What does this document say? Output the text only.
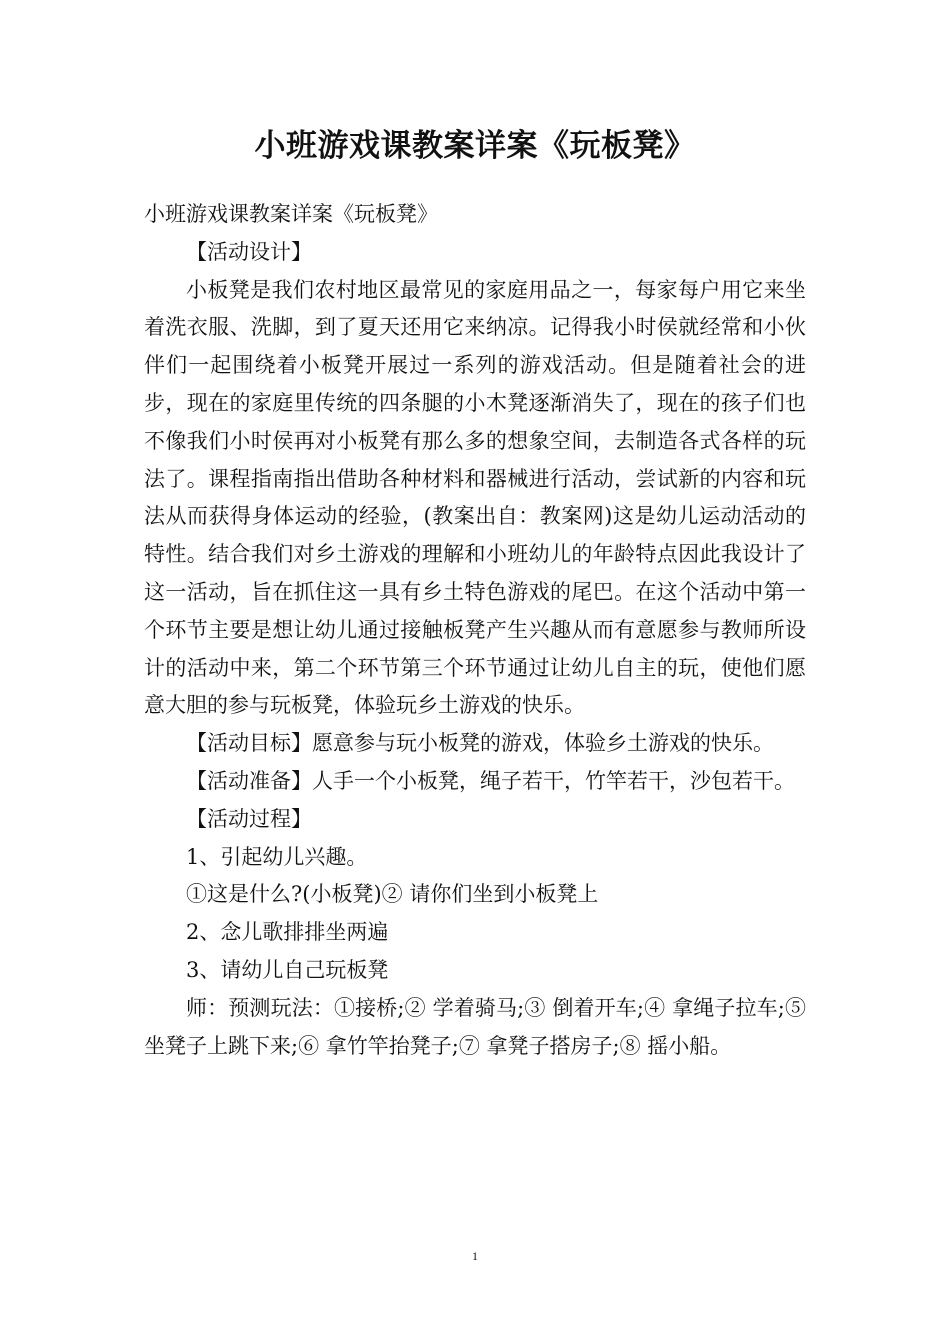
小班游戏课教案详案《玩板凳》

小班游戏课教案详案《玩板凳》

【活动设计】

小板凳是我们农村地区最常见的家庭用品之一，每家每户用它来坐着洗衣服、洗脚，到了夏天还用它来纳凉。记得我小时侯就经常和小伙伴们一起围绕着小板凳开展过一系列的游戏活动。但是随着社会的进步，现在的家庭里传统的四条腿的小木凳逐渐消失了，现在的孩子们也不像我们小时侯再对小板凳有那么多的想象空间，去制造各式各样的玩法了。课程指南指出借助各种材料和器械进行活动，尝试新的内容和玩法从而获得身体运动的经验，(教案出自：教案网)这是幼儿运动活动的特性。结合我们对乡土游戏的理解和小班幼儿的年龄特点因此我设计了这一活动，旨在抓住这一具有乡土特色游戏的尾巴。在这个活动中第一个环节主要是想让幼儿通过接触板凳产生兴趣从而有意愿参与教师所设计的活动中来，第二个环节第三个环节通过让幼儿自主的玩，使他们愿意大胆的参与玩板凳，体验玩乡土游戏的快乐。

【活动目标】愿意参与玩小板凳的游戏，体验乡土游戏的快乐。

【活动准备】人手一个小板凳，绳子若干，竹竿若干，沙包若干。

【活动过程】

1、引起幼儿兴趣。

①这是什么?(小板凳)② 请你们坐到小板凳上

2、念儿歌排排坐两遍

3、请幼儿自己玩板凳

师：预测玩法：①接桥;② 学着骑马;③ 倒着开车;④ 拿绳子拉车;⑤ 坐凳子上跳下来;⑥ 拿竹竿抬凳子;⑦ 拿凳子搭房子;⑧ 摇小船。

1
